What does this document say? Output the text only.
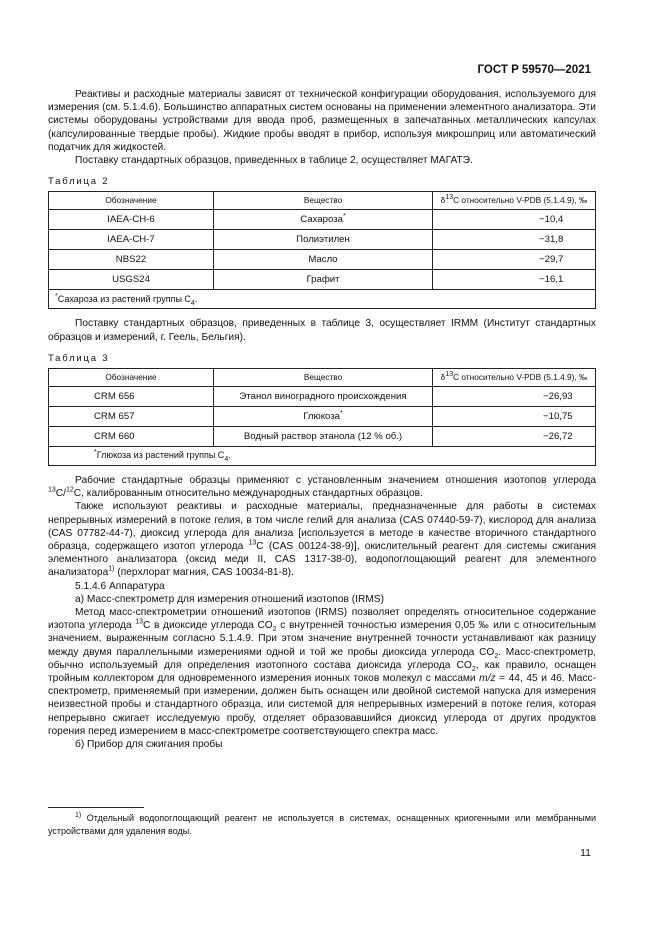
ГОСТ Р 59570—2021

Реактивы и расходные материалы зависят от технической конфигурации оборудования, используемого для измерения (см. 5.1.4.6). Большинство аппаратных систем основаны на применении элементного анализатора. Эти системы оборудованы устройствами для ввода проб, размещенных в запечатанных металлических капсулах (капсулированные твердые пробы). Жидкие пробы вводят в прибор, используя микрошприц или автоматический податчик для жидкостей.

Поставку стандартных образцов, приведенных в таблице 2, осуществляет МАГАТЭ.

Таблица 2
Обозначение	Вещество	$\delta^{13}C$ относительно V-PDB (5.1.4.9), ‰
IAEA-CH-6	Сахароза*	−10,4
IAEA-CH-7	Полиэтилен	−31,8
NBS22	Масло	−29,7
USGS24	Графит	−16,1
*Сахароза из растений группы $C_4$.		

Поставку стандартных образцов, приведенных в таблице 3, осуществляет IRMM (Институт стандартных образцов и измерений, г. Геель, Бельгия).

Таблица 3
Обозначение	Вещество	$\delta^{13}C$ относительно V-PDB (5.1.4.9), ‰
CRM 656	Этанол виноградного происхождения	−26,93
CRM 657	Глюкоза*	−10,75
CRM 660	Водный раствор этанола (12 % об.)	−26,72
*Глюкоза из растений группы $C_4$.		

Рабочие стандартные образцы применяют с установленным значением отношения изотопов углерода $^{13}$C/$^{12}$C, калиброванным относительно международных стандартных образцов.

Также используют реактивы и расходные материалы, предназначенные для работы в системах непрерывных измерений в потоке гелия, в том числе гелий для анализа (CAS 07440-59-7), кислород для анализа (CAS 07782-44-7), диоксид углерода для анализа [используется в методе в качестве вторичного стандартного образца, содержащего изотоп углерода $^{13}$C (CAS 00124-38-9)], окислительный реагент для системы сжигания элементного анализатора (оксид меди II, CAS 1317-38-0), водопоглощающий реагент для элементного анализатора$^{1)}$ (перхлорат магния, CAS 10034-81-8).

5.1.4.6 Аппаратура

а) Масс-спектрометр для измерения отношений изотопов (IRMS)

Метод масс-спектрометрии отношений изотопов (IRMS) позволяет определять относительное содержание изотопа углерода $^{13}$C в диоксиде углерода $CO_2$ с внутренней точностью измерения 0,05 ‰ или с относительным значением, выраженным согласно 5.1.4.9. При этом значение внутренней точности устанавливают как разницу между двумя параллельными измерениями одной и той же пробы диоксида углерода $CO_2$. Масс-спектрометр, обычно используемый для определения изотопного состава диоксида углерода $CO_2$, как правило, оснащен тройным коллектором для одновременного измерения ионных токов молекул с массами m/z = 44, 45 и 46. Масс-спектрометр, применяемый при измерении, должен быть оснащен или двойной системой напуска для измерения неизвестной пробы и стандартного образца, или системой для непрерывных измерений в потоке гелия, которая непрерывно сжигает исследуемую пробу, отделяет образовавшийся диоксид углерода от других продуктов горения перед измерением в масс-спектрометре соответствующего спектра масс.

б) Прибор для сжигания пробы

$^{1)}$ Отдельный водопоглощающий реагент не используется в системах, оснащенных криогенными или мембранными устройствами для удаления воды.
11
